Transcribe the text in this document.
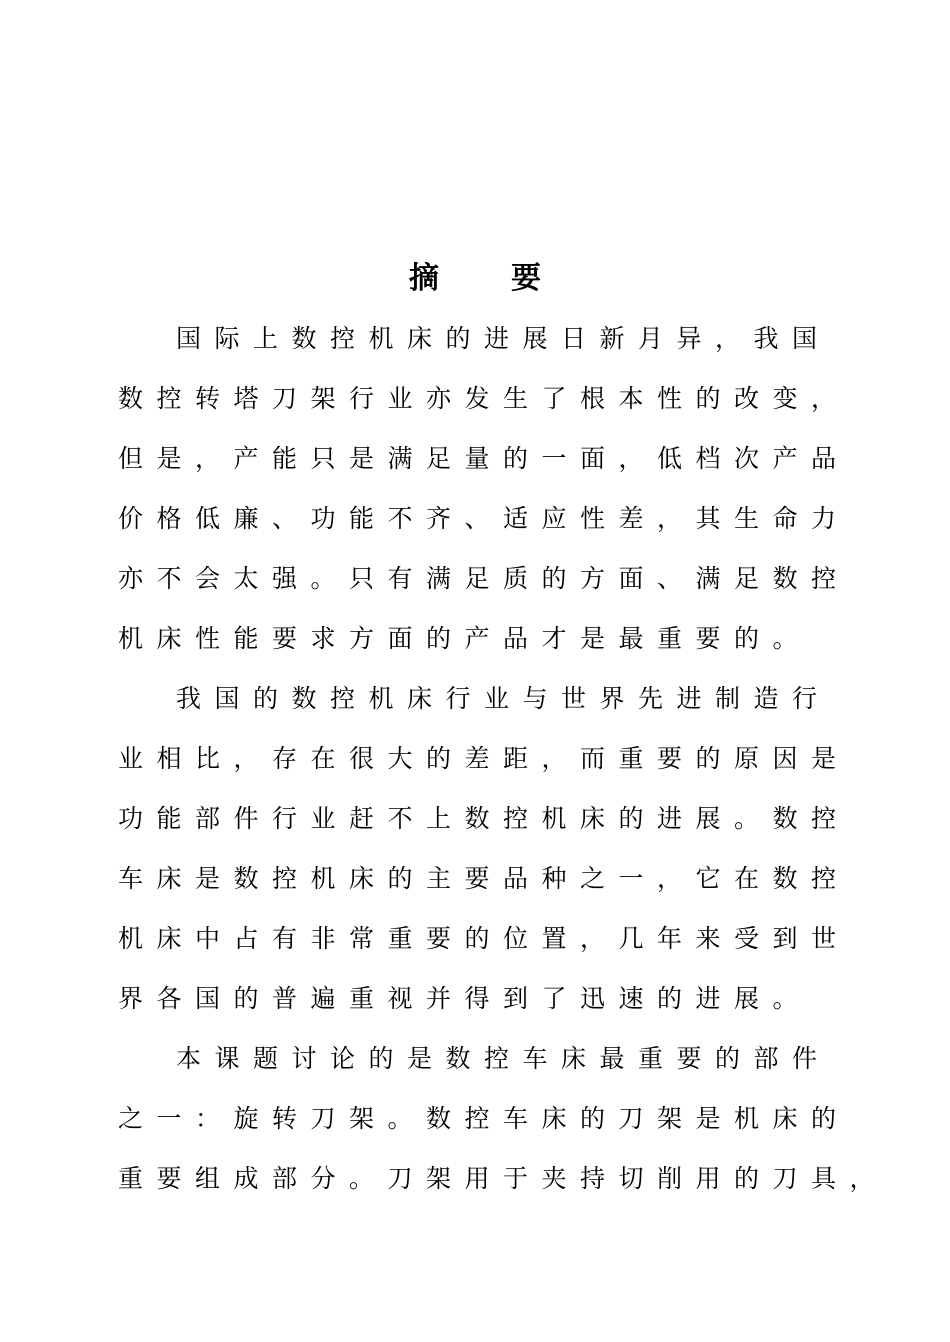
摘 要
国际上数控机床的进展日新月异，我国
数控转塔刀架行业亦发生了根本性的改变，
但是，产能只是满足量的一面，低档次产品
价格低廉、功能不齐、适应性差，其生命力
亦不会太强。只有满足质的方面、满足数控
机床性能要求方面的产品才是最重要的。
我国的数控机床行业与世界先进制造行
业相比，存在很大的差距，而重要的原因是
功能部件行业赶不上数控机床的进展。数控
车床是数控机床的主要品种之一，它在数控
机床中占有非常重要的位置，几年来受到世
界各国的普遍重视并得到了迅速的进展。
本课题讨论的是数控车床最重要的部件
之一：旋转刀架。数控车床的刀架是机床的
重要组成部分。刀架用于夹持切削用的刀具，
